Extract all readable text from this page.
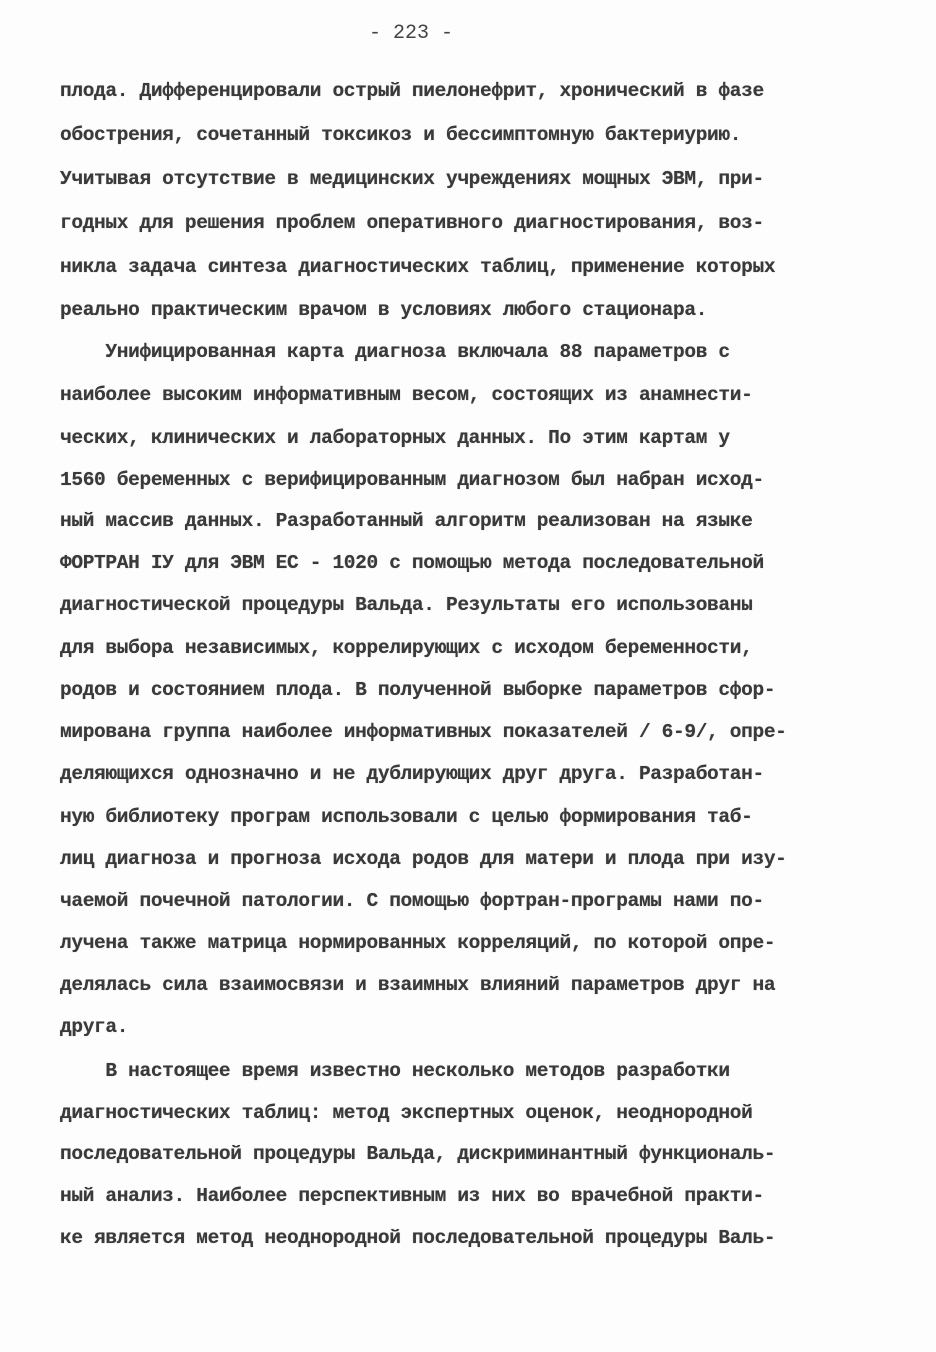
- 223 -
плода. Дифференцировали острый пиелонефрит, хронический в фазе
обострения, сочетанный токсикоз и бессимптомную бактериурию.
Учитывая отсутствие в медицинских учреждениях мощных ЭВМ, при-
годных для решения проблем оперативного диагностирования, воз-
никла задача синтеза диагностических таблиц, применение которых
реально практическим врачом в условиях любого стационара.
Унифицированная карта диагноза включала 88 параметров с
наиболее высоким информативным весом, состоящих из анамнести-
ческих, клинических и лабораторных данных. По этим картам у
1560 беременных с верифицированным диагнозом был набран исход-
ный массив данных. Разработанный алгоритм реализован на языке
ФОРТРАН IУ для ЭВМ ЕС - 1020 с помощью метода последовательной
диагностической процедуры Вальда. Результаты его использованы
для выбора независимых, коррелирующих с исходом беременности,
родов и состоянием плода. В полученной выборке параметров сфор-
мирована группа наиболее информативных показателей / 6-9/, опре-
деляющихся однозначно и не дублирующих друг друга. Разработан-
ную библиотеку програм использовали с целью формирования таб-
лиц диагноза и прогноза исхода родов для матери и плода при изу-
чаемой почечной патологии. С помощью фортран-програмы нами по-
лучена также матрица нормированных корреляций, по которой опре-
делялась сила взаимосвязи и взаимных влияний параметров друг на
друга.
В настоящее время известно несколько методов разработки
диагностических таблиц: метод экспертных оценок, неоднородной
последовательной процедуры Вальда, дискриминантный функциональ-
ный анализ. Наиболее перспективным из них во врачебной практи-
ке является метод неоднородной последовательной процедуры Валь-
